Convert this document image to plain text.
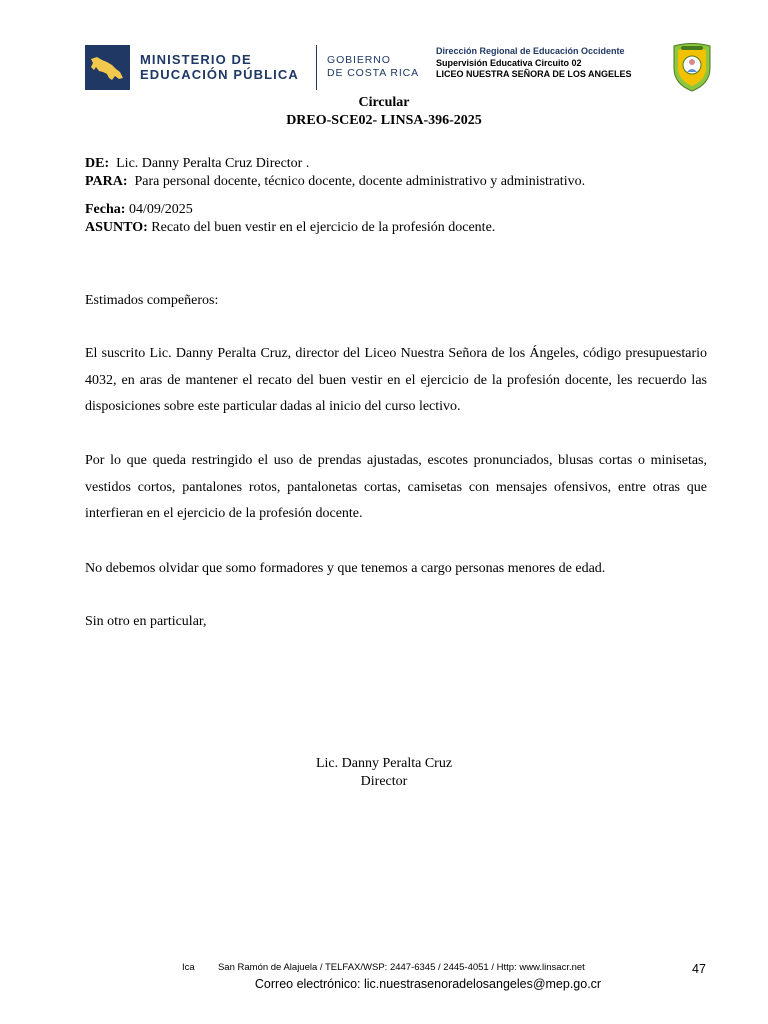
MINISTERIO DE
EDUCACIÓN PÚBLICA
GOBIERNO
DE COSTA RICA
Dirección Regional de Educación Occidente
Supervisión Educativa Circuito 02
LICEO NUESTRA SEÑORA DE LOS ANGELES
Circular
DREO-SCE02- LINSA-396-2025
DE: Lic. Danny Peralta Cruz Director .
PARA: Para personal docente, técnico docente, docente administrativo y administrativo.
Fecha: 04/09/2025
ASUNTO: Recato del buen vestir en el ejercicio de la profesión docente.
Estimados compeñeros:
El suscrito Lic. Danny Peralta Cruz, director del Liceo Nuestra Señora de los Ángeles, código presupuestario 4032, en aras de mantener el recato del buen vestir en el ejercicio de la profesión docente, les recuerdo las disposiciones sobre este particular dadas al inicio del curso lectivo.
Por lo que queda restringido el uso de prendas ajustadas, escotes pronunciados, blusas cortas o minisetas, vestidos cortos, pantalones rotos, pantalonetas cortas, camisetas con mensajes ofensivos, entre otras que interfieran en el ejercicio de la profesión docente.
No debemos olvidar que somo formadores y que tenemos a cargo personas menores de edad.
Sin otro en particular,
Lic. Danny Peralta Cruz
Director
Ica San Ramón de Alajuela / TELFAX/WSP: 2447-6345 / 2445-4051 / Http: www.linsacr.net	47
Correo electrónico: lic.nuestrasenoradelosangeles@mep.go.cr
